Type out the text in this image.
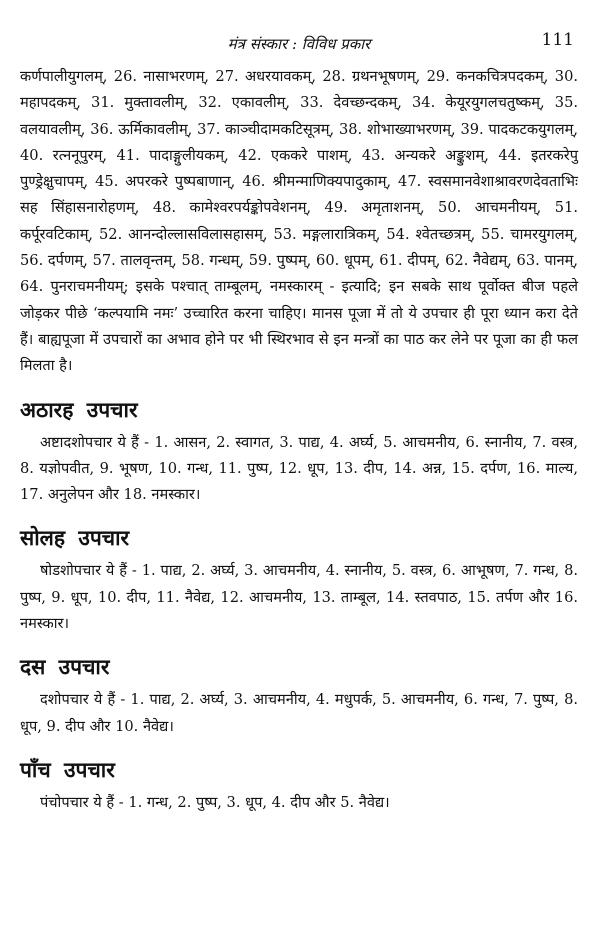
मंत्र संस्कार : विविध प्रकार	111

कर्णपालीयुगलम्, 26. नासाभरणम्, 27. अधरयावकम्, 28. ग्रथनभूषणम्, 29. कनकचित्रपदकम्, 30. महापदकम्, 31. मुक्तावलीम्, 32. एकावलीम्, 33. देवच्छन्दकम्, 34. केयूरयुगलचतुष्कम्, 35. वलयावलीम्, 36. ऊर्मिकावलीम्, 37. काञ्चीदामकटिसूत्रम्, 38. शोभाख्याभरणम्, 39. पादकटकयुगलम्, 40. रत्ननूपुरम्, 41. पादाङ्गुलीयकम्, 42. एककरे पाशम्, 43. अन्यकरे अङ्कुशम्, 44. इतरकरेपु पुण्ड्रेक्षुचापम्, 45. अपरकरे पुष्पबाणान्, 46. श्रीमन्माणिक्यपादुकाम्, 47. स्वसमानवेशाश्रावरणदेवताभिः सह सिंहासनारोहणम्, 48. कामेश्वरपर्यङ्कोपवेशनम्, 49. अमृताशनम्, 50. आचमनीयम्, 51. कर्पूरवटिकाम्, 52. आनन्दोल्लासविलासहासम्, 53. मङ्गलारात्रिकम्, 54. श्वेतच्छत्रम्, 55. चामरयुगलम्, 56. दर्पणम्, 57. तालवृन्तम्, 58. गन्धम्, 59. पुष्पम्, 60. धूपम्, 61. दीपम्, 62. नैवेद्यम्, 63. पानम्, 64. पुनराचमनीयम्; इसके पश्चात् ताम्बूलम्, नमस्कारम् - इत्यादि; इन सबके साथ पूर्वोक्त बीज पहले जोड़कर पीछे ‘कल्पयामि नमः’ उच्चारित करना चाहिए। मानस पूजा में तो ये उपचार ही पूरा ध्यान करा देते हैं। बाह्यपूजा में उपचारों का अभाव होने पर भी स्थिरभाव से इन मन्त्रों का पाठ कर लेने पर पूजा का ही फल मिलता है।

अठारह उपचार

अष्टादशोपचार ये हैं - 1. आसन, 2. स्वागत, 3. पाद्य, 4. अर्घ्य, 5. आचमनीय, 6. स्नानीय, 7. वस्त्र, 8. यज्ञोपवीत, 9. भूषण, 10. गन्ध, 11. पुष्प, 12. धूप, 13. दीप, 14. अन्न, 15. दर्पण, 16. माल्य, 17. अनुलेपन और 18. नमस्कार।

सोलह उपचार

षोडशोपचार ये हैं - 1. पाद्य, 2. अर्घ्य, 3. आचमनीय, 4. स्नानीय, 5. वस्त्र, 6. आभूषण, 7. गन्ध, 8. पुष्प, 9. धूप, 10. दीप, 11. नैवेद्य, 12. आचमनीय, 13. ताम्बूल, 14. स्तवपाठ, 15. तर्पण और 16. नमस्कार।

दस उपचार

दशोपचार ये हैं - 1. पाद्य, 2. अर्घ्य, 3. आचमनीय, 4. मधुपर्क, 5. आचमनीय, 6. गन्ध, 7. पुष्प, 8. धूप, 9. दीप और 10. नैवेद्य।

पाँच उपचार

पंचोपचार ये हैं - 1. गन्ध, 2. पुष्प, 3. धूप, 4. दीप और 5. नैवेद्य।
